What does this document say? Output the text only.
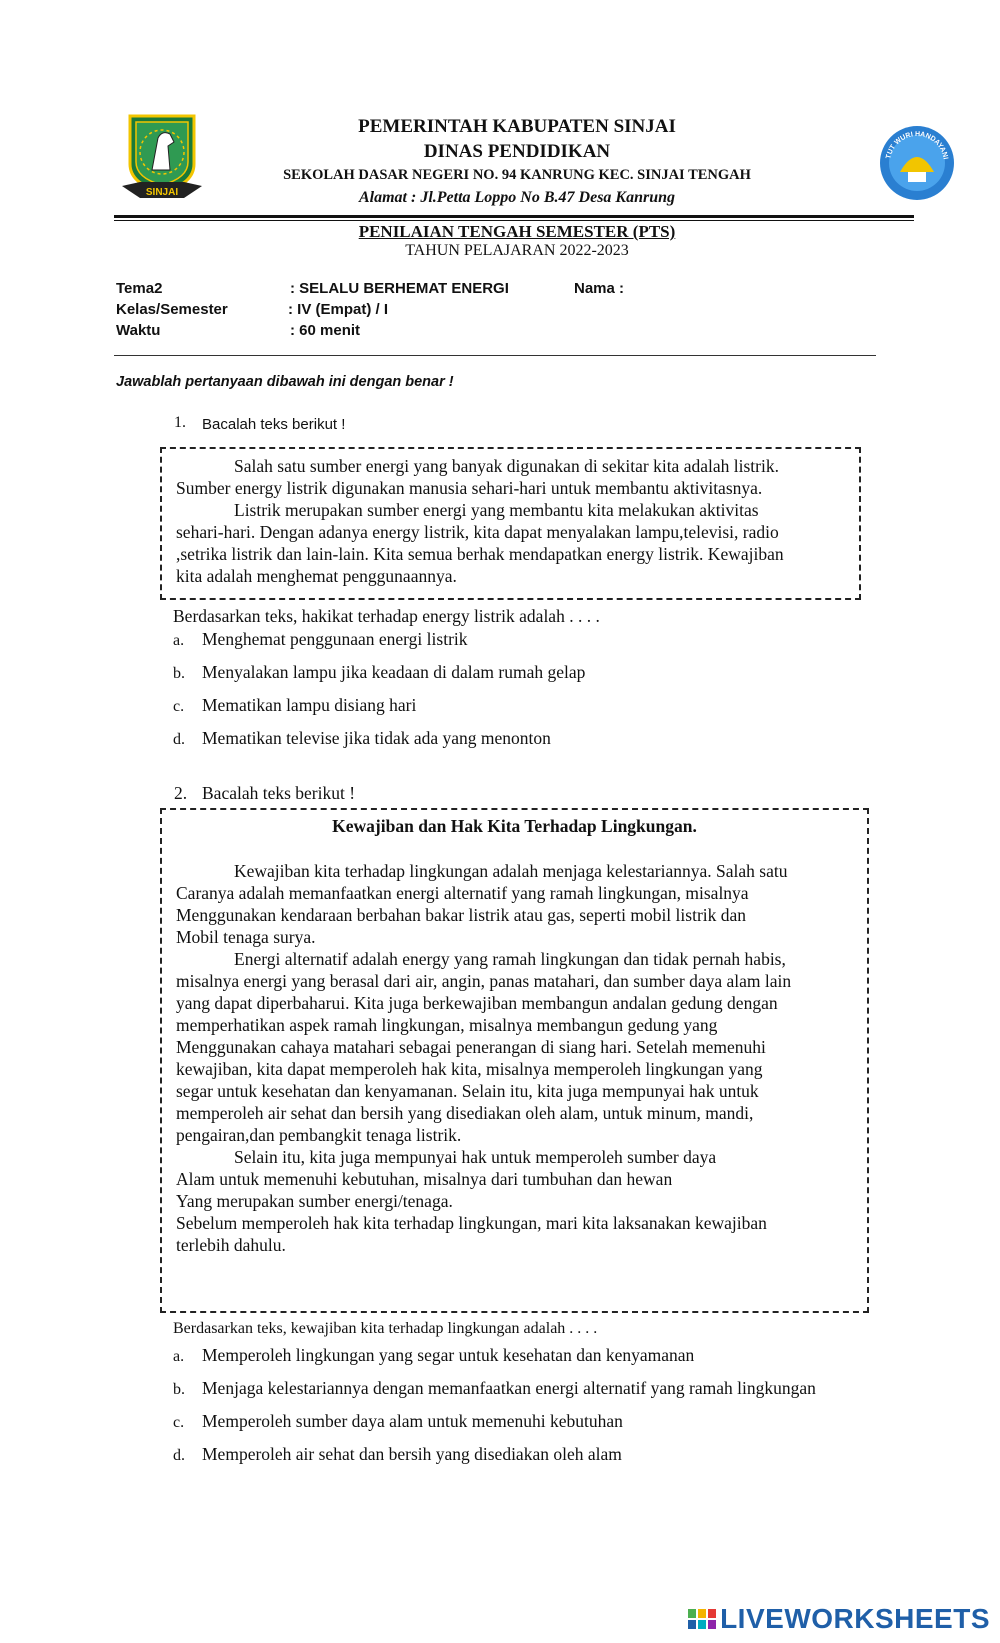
SINJAI
TUT WURI HANDAYANI
PEMERINTAH KABUPATEN SINJAI
DINAS PENDIDIKAN
SEKOLAH DASAR NEGERI NO. 94 KANRUNG KEC. SINJAI TENGAH
Alamat : Jl.Petta Loppo No B.47 Desa Kanrung
PENILAIAN TENGAH SEMESTER (PTS)
TAHUN PELAJARAN 2022-2023
Tema2	: SELALU BERHEMAT ENERGI	Nama :
Kelas/Semester	: IV (Empat) / I
Waktu	: 60 menit
Jawablah pertanyaan dibawah ini dengan benar !
1. Bacalah teks berikut !
Salah satu sumber energi yang banyak digunakan di sekitar kita adalah listrik.
Sumber energy listrik digunakan manusia sehari-hari untuk membantu aktivitasnya.
Listrik merupakan sumber energi yang membantu kita melakukan aktivitas
sehari-hari. Dengan adanya energy listrik, kita dapat menyalakan lampu,televisi, radio
,setrika listrik dan lain-lain. Kita semua berhak mendapatkan energy listrik. Kewajiban
kita adalah menghemat penggunaannya.
Berdasarkan teks, hakikat terhadap energy listrik adalah . . . .
a. Menghemat penggunaan energi listrik
b. Menyalakan lampu jika keadaan di dalam rumah gelap
c. Mematikan lampu disiang hari
d. Mematikan televise jika tidak ada yang menonton
2. Bacalah teks berikut !
Kewajiban dan Hak Kita Terhadap Lingkungan.
Kewajiban kita terhadap lingkungan adalah menjaga kelestariannya. Salah satu
Caranya adalah memanfaatkan energi alternatif yang ramah lingkungan, misalnya
Menggunakan kendaraan berbahan bakar listrik atau gas, seperti mobil listrik dan
Mobil tenaga surya.
Energi alternatif adalah energy yang ramah lingkungan dan tidak pernah habis,
misalnya energi yang berasal dari air, angin, panas matahari, dan sumber daya alam lain
yang dapat diperbaharui. Kita juga berkewajiban membangun andalan gedung dengan
memperhatikan aspek ramah lingkungan, misalnya membangun gedung yang
Menggunakan cahaya matahari sebagai penerangan di siang hari. Setelah memenuhi
kewajiban, kita dapat memperoleh hak kita, misalnya memperoleh lingkungan yang
segar untuk kesehatan dan kenyamanan. Selain itu, kita juga mempunyai hak untuk
memperoleh air sehat dan bersih yang disediakan oleh alam, untuk minum, mandi,
pengairan,dan pembangkit tenaga listrik.
Selain itu, kita juga mempunyai hak untuk memperoleh sumber daya
Alam untuk memenuhi kebutuhan, misalnya dari tumbuhan dan hewan
Yang merupakan sumber energi/tenaga.
Sebelum memperoleh hak kita terhadap lingkungan, mari kita laksanakan kewajiban
terlebih dahulu.
Berdasarkan teks, kewajiban kita terhadap lingkungan adalah . . . .
a. Memperoleh lingkungan yang segar untuk kesehatan dan kenyamanan
b. Menjaga kelestariannya dengan memanfaatkan energi alternatif yang ramah lingkungan
c. Memperoleh sumber daya alam untuk memenuhi kebutuhan
d. Memperoleh air sehat dan bersih yang disediakan oleh alam
LIVEWORKSHEETS
